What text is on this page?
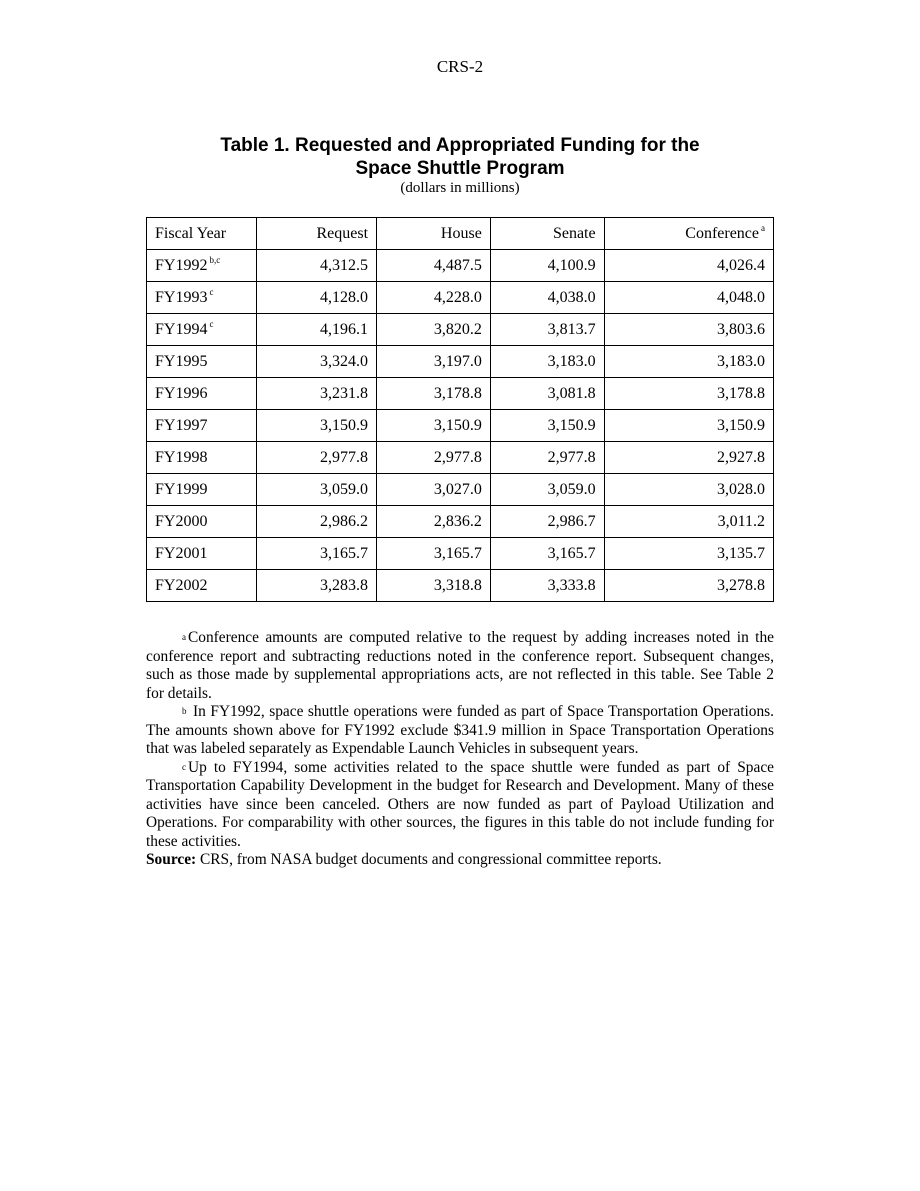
CRS-2
Table 1. Requested and Appropriated Funding for the
Space Shuttle Program
(dollars in millions)
Fiscal Year	Request	House	Senate	Conference $^a$
FY1992 $^{b,c}$	4,312.5	4,487.5	4,100.9	4,026.4
FY1993 $^c$	4,128.0	4,228.0	4,038.0	4,048.0
FY1994 $^c$	4,196.1	3,820.2	3,813.7	3,803.6
FY1995	3,324.0	3,197.0	3,183.0	3,183.0
FY1996	3,231.8	3,178.8	3,081.8	3,178.8
FY1997	3,150.9	3,150.9	3,150.9	3,150.9
FY1998	2,977.8	2,977.8	2,977.8	2,927.8
FY1999	3,059.0	3,027.0	3,059.0	3,028.0
FY2000	2,986.2	2,836.2	2,986.7	3,011.2
FY2001	3,165.7	3,165.7	3,165.7	3,135.7
FY2002	3,283.8	3,318.8	3,333.8	3,278.8

$^a$ Conference amounts are computed relative to the request by adding increases noted in the conference report and subtracting reductions noted in the conference report. Subsequent changes, such as those made by supplemental appropriations acts, are not reflected in this table. See Table 2 for details.

$^b$ In FY1992, space shuttle operations were funded as part of Space Transportation Operations. The amounts shown above for FY1992 exclude $341.9 million in Space Transportation Operations that was labeled separately as Expendable Launch Vehicles in subsequent years.

$^c$ Up to FY1994, some activities related to the space shuttle were funded as part of Space Transportation Capability Development in the budget for Research and Development. Many of these activities have since been canceled. Others are now funded as part of Payload Utilization and Operations. For comparability with other sources, the figures in this table do not include funding for these activities.

Source: CRS, from NASA budget documents and congressional committee reports.
